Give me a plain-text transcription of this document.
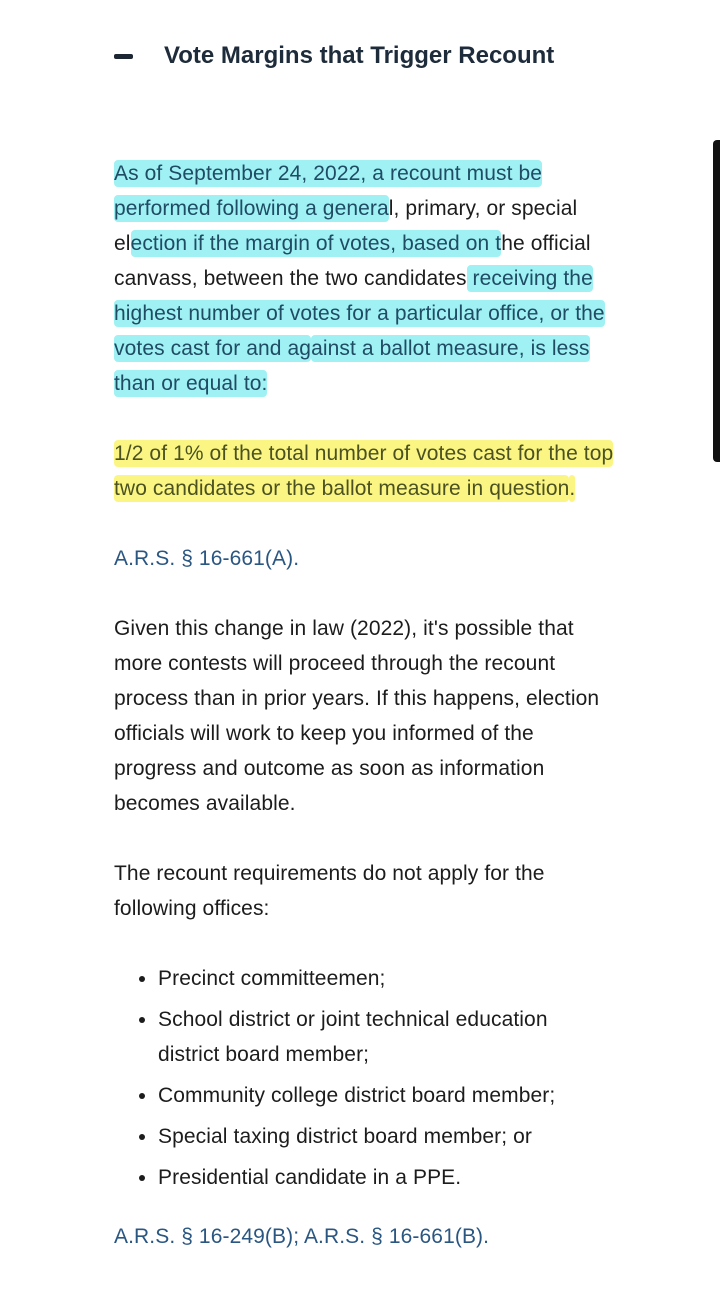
Vote Margins that Trigger Recount

As of September 24, 2022, a recount must be performed following a general, primary, or special election if the margin of votes, based on the official canvass, between the two candidates receiving the highest number of votes for a particular office, or the votes cast for and against a ballot measure, is less than or equal to:

1/2 of 1% of the total number of votes cast for the top two candidates or the ballot measure in question.

A.R.S. § 16-661(A).

Given this change in law (2022), it's possible that more contests will proceed through the recount process than in prior years. If this happens, election officials will work to keep you informed of the progress and outcome as soon as information becomes available.

The recount requirements do not apply for the following offices:

Precinct committeemen;
School district or joint technical education district board member;
Community college district board member;
Special taxing district board member; or
Presidential candidate in a PPE.

A.R.S. § 16-249(B); A.R.S. § 16-661(B).
